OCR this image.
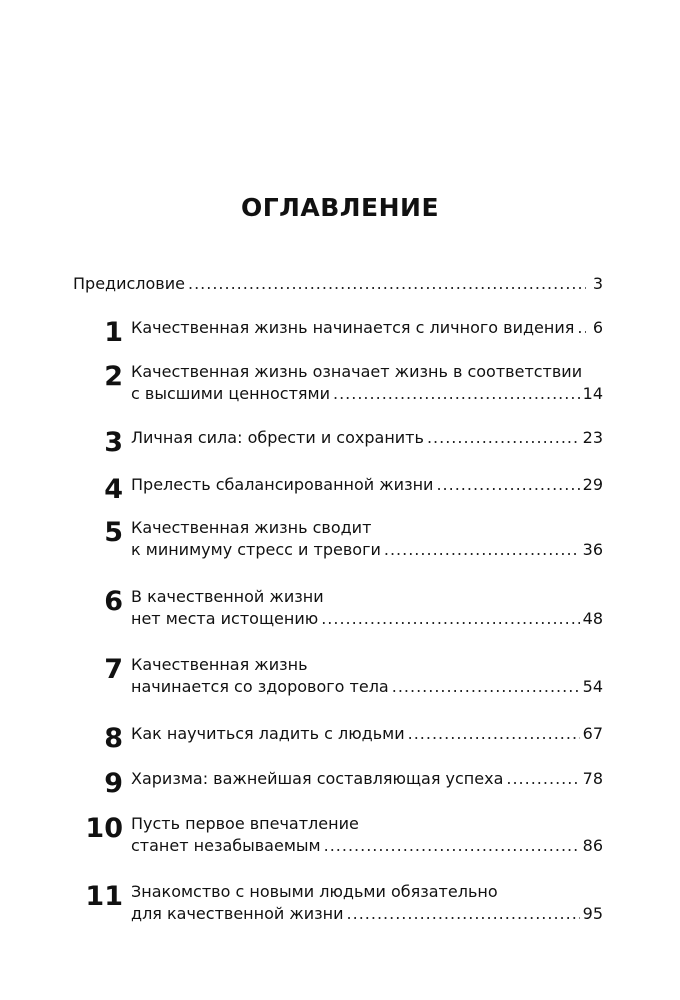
ОГЛАВЛЕНИЕ
Предисловие .....	3
1 Качественная жизнь начинается с личного видения ..... 6
2 Качественная жизнь означает жизнь в соответствии
с высшими ценностями .....	14
3 Личная сила: обрести и сохранить .....	23
4 Прелесть сбалансированной жизни .....	29
5 Качественная жизнь сводит
к минимуму стресс и тревоги .....	36
6 В качественной жизни
нет места истощению .....	48
7 Качественная жизнь
начинается со здорового тела .....	54
8 Как научиться ладить с людьми .....	67
9 Харизма: важнейшая составляющая успеха .....	78
10 Пусть первое впечатление
станет незабываемым .....	86
11 Знакомство с новыми людьми обязательно
для качественной жизни .....	95
